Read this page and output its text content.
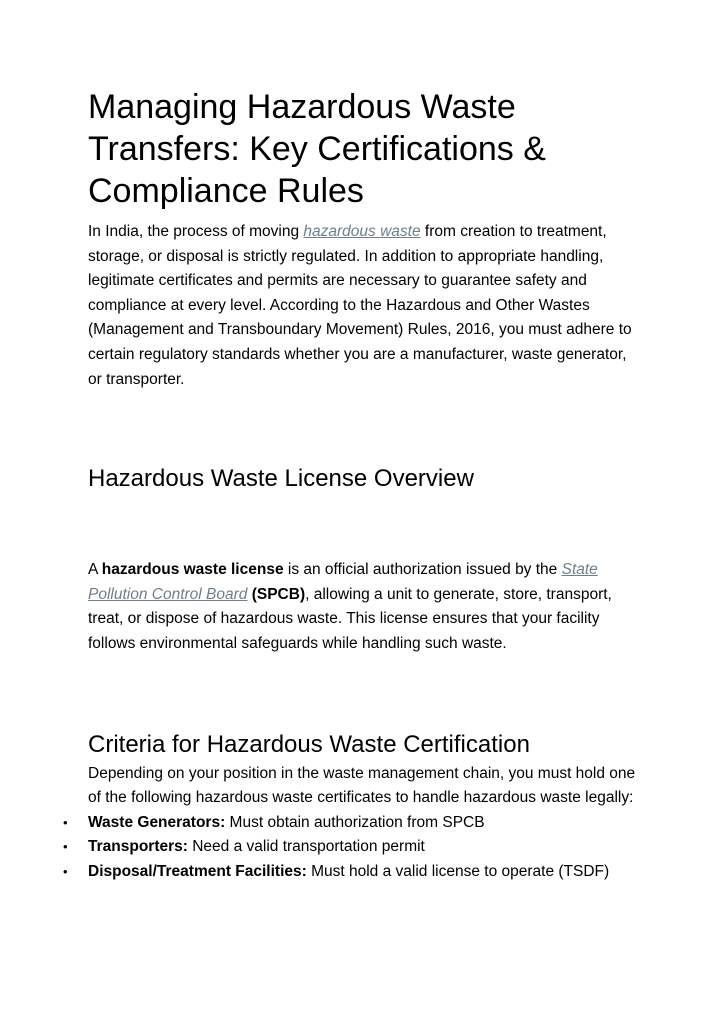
Managing Hazardous Waste Transfers: Key Certifications & Compliance Rules

In India, the process of moving hazardous waste from creation to treatment, storage, or disposal is strictly regulated. In addition to appropriate handling, legitimate certificates and permits are necessary to guarantee safety and compliance at every level. According to the Hazardous and Other Wastes (Management and Transboundary Movement) Rules, 2016, you must adhere to certain regulatory standards whether you are a manufacturer, waste generator, or transporter.

Hazardous Waste License Overview

A hazardous waste license is an official authorization issued by the State Pollution Control Board (SPCB), allowing a unit to generate, store, transport, treat, or dispose of hazardous waste. This license ensures that your facility follows environmental safeguards while handling such waste.

Criteria for Hazardous Waste Certification

Depending on your position in the waste management chain, you must hold one of the following hazardous waste certificates to handle hazardous waste legally:

• Waste Generators: Must obtain authorization from SPCB
• Transporters: Need a valid transportation permit
• Disposal/Treatment Facilities: Must hold a valid license to operate (TSDF)
